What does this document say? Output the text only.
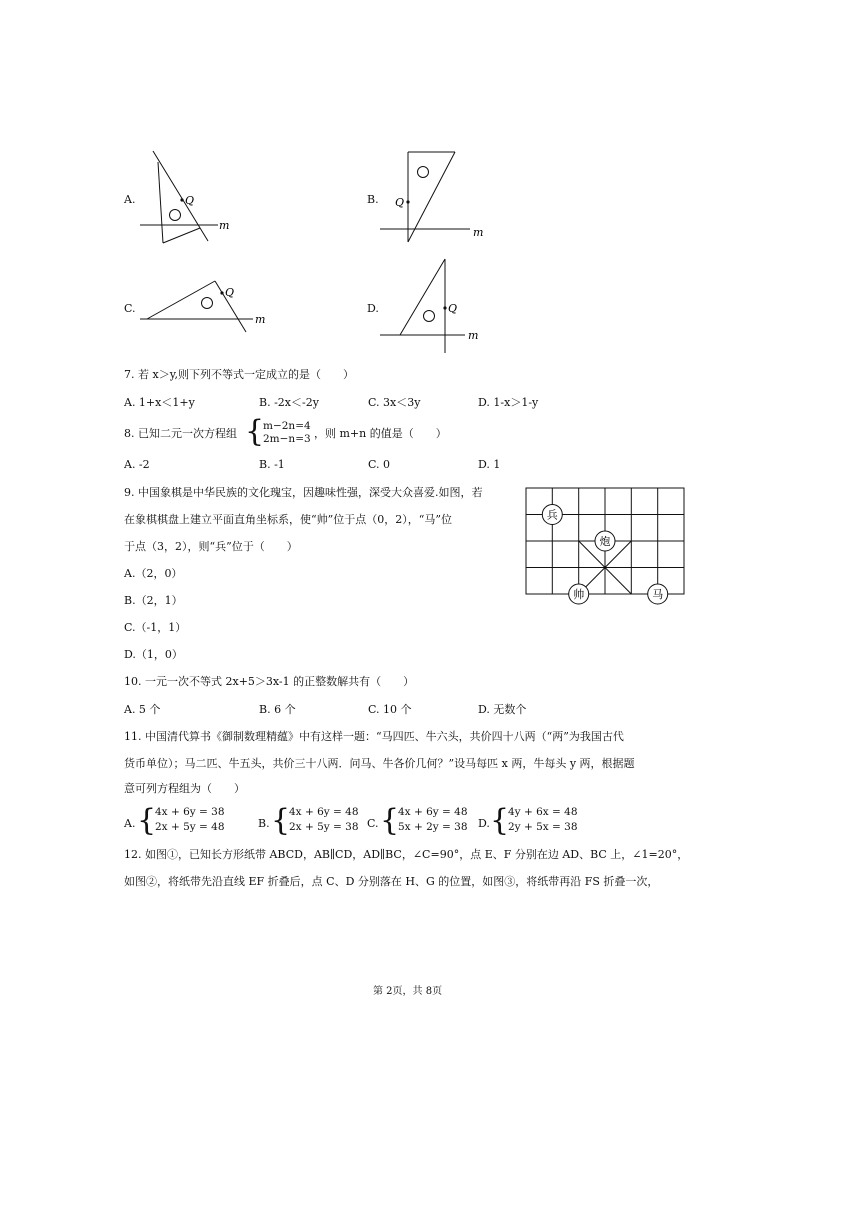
A.	Q
m
B. Q
m
C.
Q
m
D.	Q
m
7. 若 x＞y,则下列不等式一定成立的是（　　）
A. 1+x＜1+y	B. -2x＜-2y	C. 3x＜3y	D. 1-x＞1-y
8. 已知二元一次方程组 {
m−2n=4
2m−n=3 ，则 m+n 的值是（　　）
A. -2	B. -1	C. 0	D. 1
9. 中国象棋是中华民族的文化瑰宝，因趣味性强，深受大众喜爱.如图，若
在象棋棋盘上建立平面直角坐标系，使“帅”位于点（0，2），“马”位
于点（3，2），则“兵”位于（　　）
A.（2，0）
B.（2，1）
C.（-1，1）
D.（1，0）
兵
炮
帅	马
10. 一元一次不等式 2x+5＞3x-1 的正整数解共有（　　）
A. 5 个	B. 6 个	C. 10 个	D. 无数个
11. 中国清代算书《御制数理精蕴》中有这样一题：“马四匹、牛六头，共价四十八两（“两”为我国古代
货币单位）；马二匹、牛五头，共价三十八两．问马、牛各价几何？”设马每匹 x 两，牛每头 y 两，根据题
意可列方程组为（　　）
A. {
4x + 6y = 38
2x + 5y = 48	B. {
4x + 6y = 48
2x + 5y = 38 C. {
4x + 6y = 48
5x + 2y = 38 D. {
4y + 6x = 48
2y + 5x = 38
12. 如图①，已知长方形纸带 ABCD，AB∥CD，AD∥BC，∠C=90°，点 E、F 分别在边 AD、BC 上，∠1=20°，
如图②，将纸带先沿直线 EF 折叠后，点 C、D 分别落在 H、G 的位置，如图③，将纸带再沿 FS 折叠一次，
第 2页，共 8页
